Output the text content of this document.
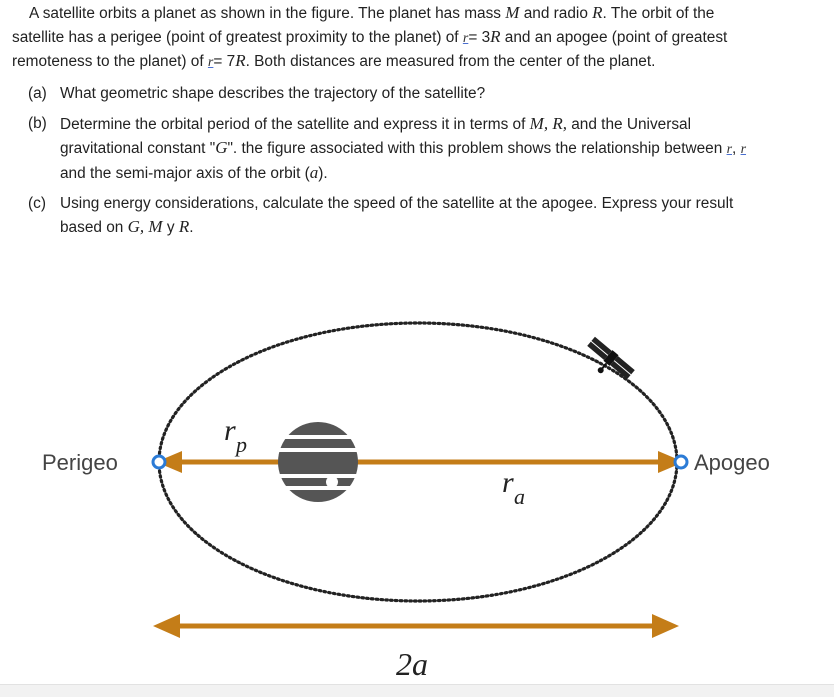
A satellite orbits a planet as shown in the figure. The planet has mass M and radio R. The orbit of the satellite has a perigee (point of greatest proximity to the planet) of r= 3R and an apogee (point of greatest remoteness to the planet) of r= 7R. Both distances are measured from the center of the planet.

(a) What geometric shape describes the trajectory of the satellite?
(b) Determine the orbital period of the satellite and express it in terms of M, R, and the Universal gravitational constant "G". the figure associated with this problem shows the relationship between r, r and the semi-major axis of the orbit (a).
(c) Using energy considerations, calculate the speed of the satellite at the apogee. Express your result based on G, M y R.
Perigeo	Apogeo
r p
r a
2a
